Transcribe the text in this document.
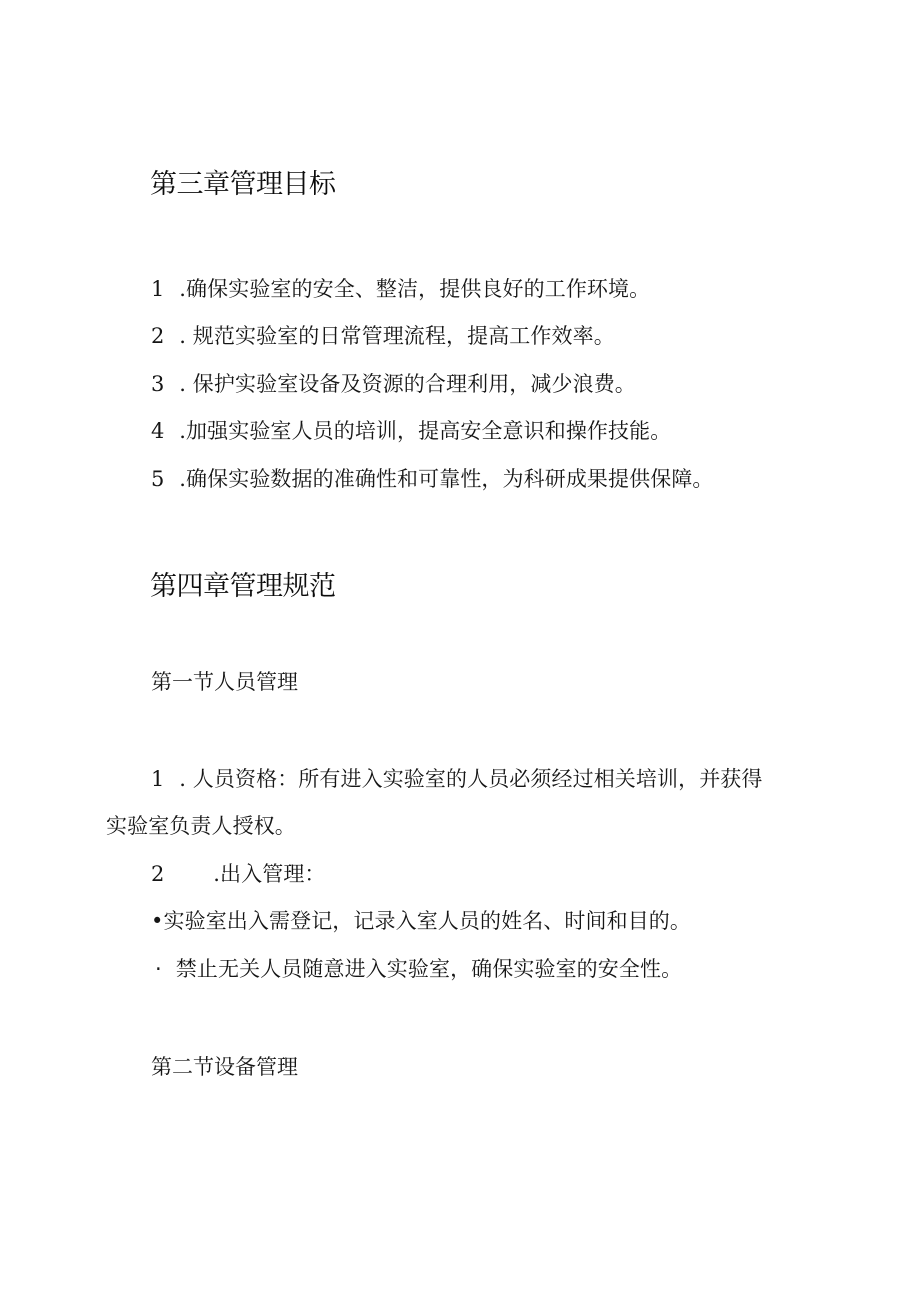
第三章管理目标
1 .确保实验室的安全、整洁，提供良好的工作环境。
2 . 规范实验室的日常管理流程，提高工作效率。
3 . 保护实验室设备及资源的合理利用，减少浪费。
4 .加强实验室人员的培训，提高安全意识和操作技能。
5 .确保实验数据的准确性和可靠性，为科研成果提供保障。
第四章管理规范
第一节人员管理
1 . 人员资格：所有进入实验室的人员必须经过相关培训，并获得
实验室负责人授权。
2 .出入管理：
•实验室出入需登记，记录入室人员的姓名、时间和目的。
· 禁止无关人员随意进入实验室，确保实验室的安全性。
第二节设备管理
